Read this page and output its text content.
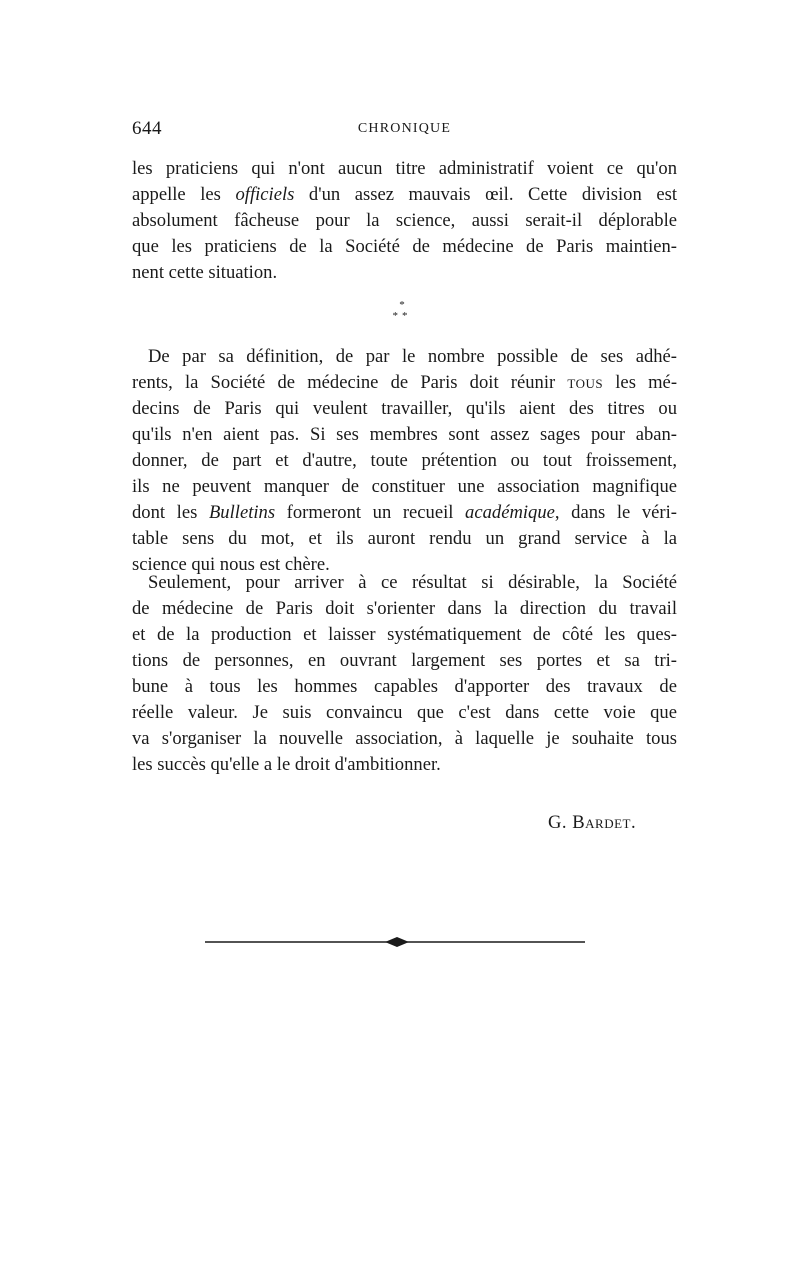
644	CHRONIQUE
les praticiens qui n'ont aucun titre administratif voient ce qu'on
appelle les officiels d'un assez mauvais œil. Cette division est
absolument fâcheuse pour la science, aussi serait-il déplorable
que les praticiens de la Société de médecine de Paris maintien-
nent cette situation.
*
**
De par sa définition, de par le nombre possible de ses adhé-
rents, la Société de médecine de Paris doit réunir tous les mé-
decins de Paris qui veulent travailler, qu'ils aient des titres ou
qu'ils n'en aient pas. Si ses membres sont assez sages pour aban-
donner, de part et d'autre, toute prétention ou tout froissement,
ils ne peuvent manquer de constituer une association magnifique
dont les Bulletins formeront un recueil académique, dans le véri-
table sens du mot, et ils auront rendu un grand service à la
science qui nous est chère.
Seulement, pour arriver à ce résultat si désirable, la Société
de médecine de Paris doit s'orienter dans la direction du travail
et de la production et laisser systématiquement de côté les ques-
tions de personnes, en ouvrant largement ses portes et sa tri-
bune à tous les hommes capables d'apporter des travaux de
réelle valeur. Je suis convaincu que c'est dans cette voie que
va s'organiser la nouvelle association, à laquelle je souhaite tous
les succès qu'elle a le droit d'ambitionner.
G. Bardet.
